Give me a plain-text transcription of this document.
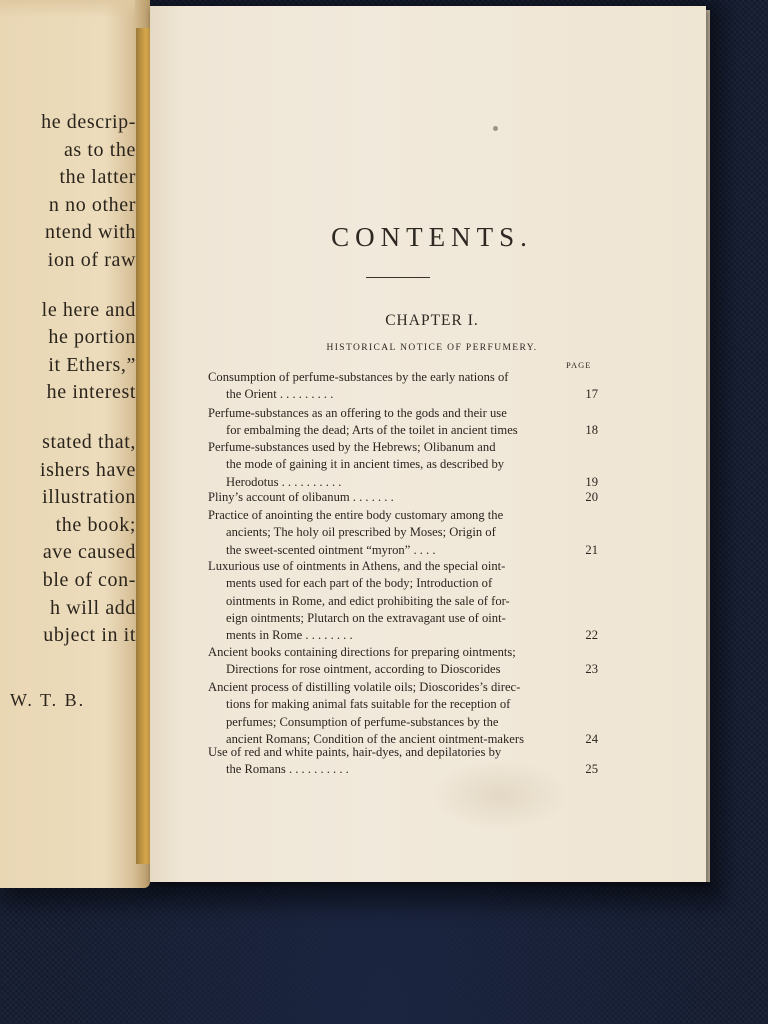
he descrip-
as to the
the latter
n no other
ntend with
ion of raw
le here and
he portion
it Ethers,”
he interest
stated that,
ishers have
illustration
the book;
ave caused
ble of con-
h will add
ubject in it
W. T. B.
CONTENTS.
CHAPTER I.
HISTORICAL NOTICE OF PERFUMERY.
PAGE
Consumption of perfume-substances by the early nations of
the Orient . . . . . . . . .	17
Perfume-substances as an offering to the gods and their use
for embalming the dead; Arts of the toilet in ancient times	18
Perfume-substances used by the Hebrews; Olibanum and
the mode of gaining it in ancient times, as described by
Herodotus . . . . . . . . . .	19
Pliny’s account of olibanum . . . . . . .	20
Practice of anointing the entire body customary among the
ancients; The holy oil prescribed by Moses; Origin of
the sweet-scented ointment “myron” . . . .	21
Luxurious use of ointments in Athens, and the special oint-
ments used for each part of the body; Introduction of
ointments in Rome, and edict prohibiting the sale of for-
eign ointments; Plutarch on the extravagant use of oint-
ments in Rome . . . . . . . .	22
Ancient books containing directions for preparing ointments;
Directions for rose ointment, according to Dioscorides	23
Ancient process of distilling volatile oils; Dioscorides’s direc-
tions for making animal fats suitable for the reception of
perfumes; Consumption of perfume-substances by the
ancient Romans; Condition of the ancient ointment-makers	24
Use of red and white paints, hair-dyes, and depilatories by
the Romans . . . . . . . . . .	25
